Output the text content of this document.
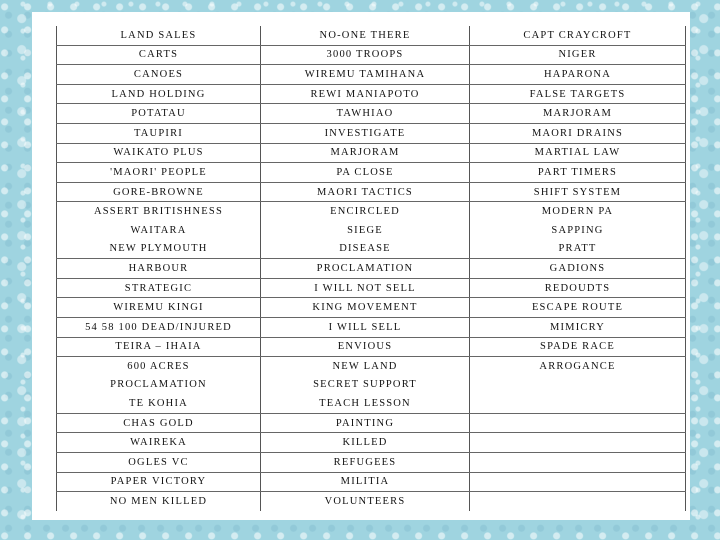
LAND SALES	NO-ONE THERE	CAPT CRAYCROFT
CARTS	3000 TROOPS	NIGER
CANOES	WIREMU TAMIHANA	HAPARONA
LAND HOLDING	REWI MANIAPOTO	FALSE TARGETS
POTATAU	TAWHIAO	MARJORAM
TAUPIRI	INVESTIGATE	MAORI DRAINS
WAIKATO PLUS	MARJORAM	MARTIAL LAW
'MAORI' PEOPLE	PA CLOSE	PART TIMERS
GORE-BROWNE	MAORI TACTICS	SHIFT SYSTEM
ASSERT BRITISHNESS	ENCIRCLED	MODERN PA
WAITARA	SIEGE	SAPPING
NEW PLYMOUTH	DISEASE	PRATT
HARBOUR	PROCLAMATION	GADIONS
STRATEGIC	I WILL NOT SELL	REDOUDTS
WIREMU KINGI	KING MOVEMENT	ESCAPE ROUTE
54 58 100 DEAD/INJURED	I WILL SELL	MIMICRY
TEIRA – IHAIA	ENVIOUS	SPADE RACE
600 ACRES	NEW LAND	ARROGANCE
PROCLAMATION	SECRET SUPPORT	
TE KOHIA	TEACH LESSON	
CHAS GOLD	PAINTING	
WAIREKA	KILLED	
OGLES VC	REFUGEES	
PAPER VICTORY	MILITIA	
NO MEN KILLED	VOLUNTEERS	
